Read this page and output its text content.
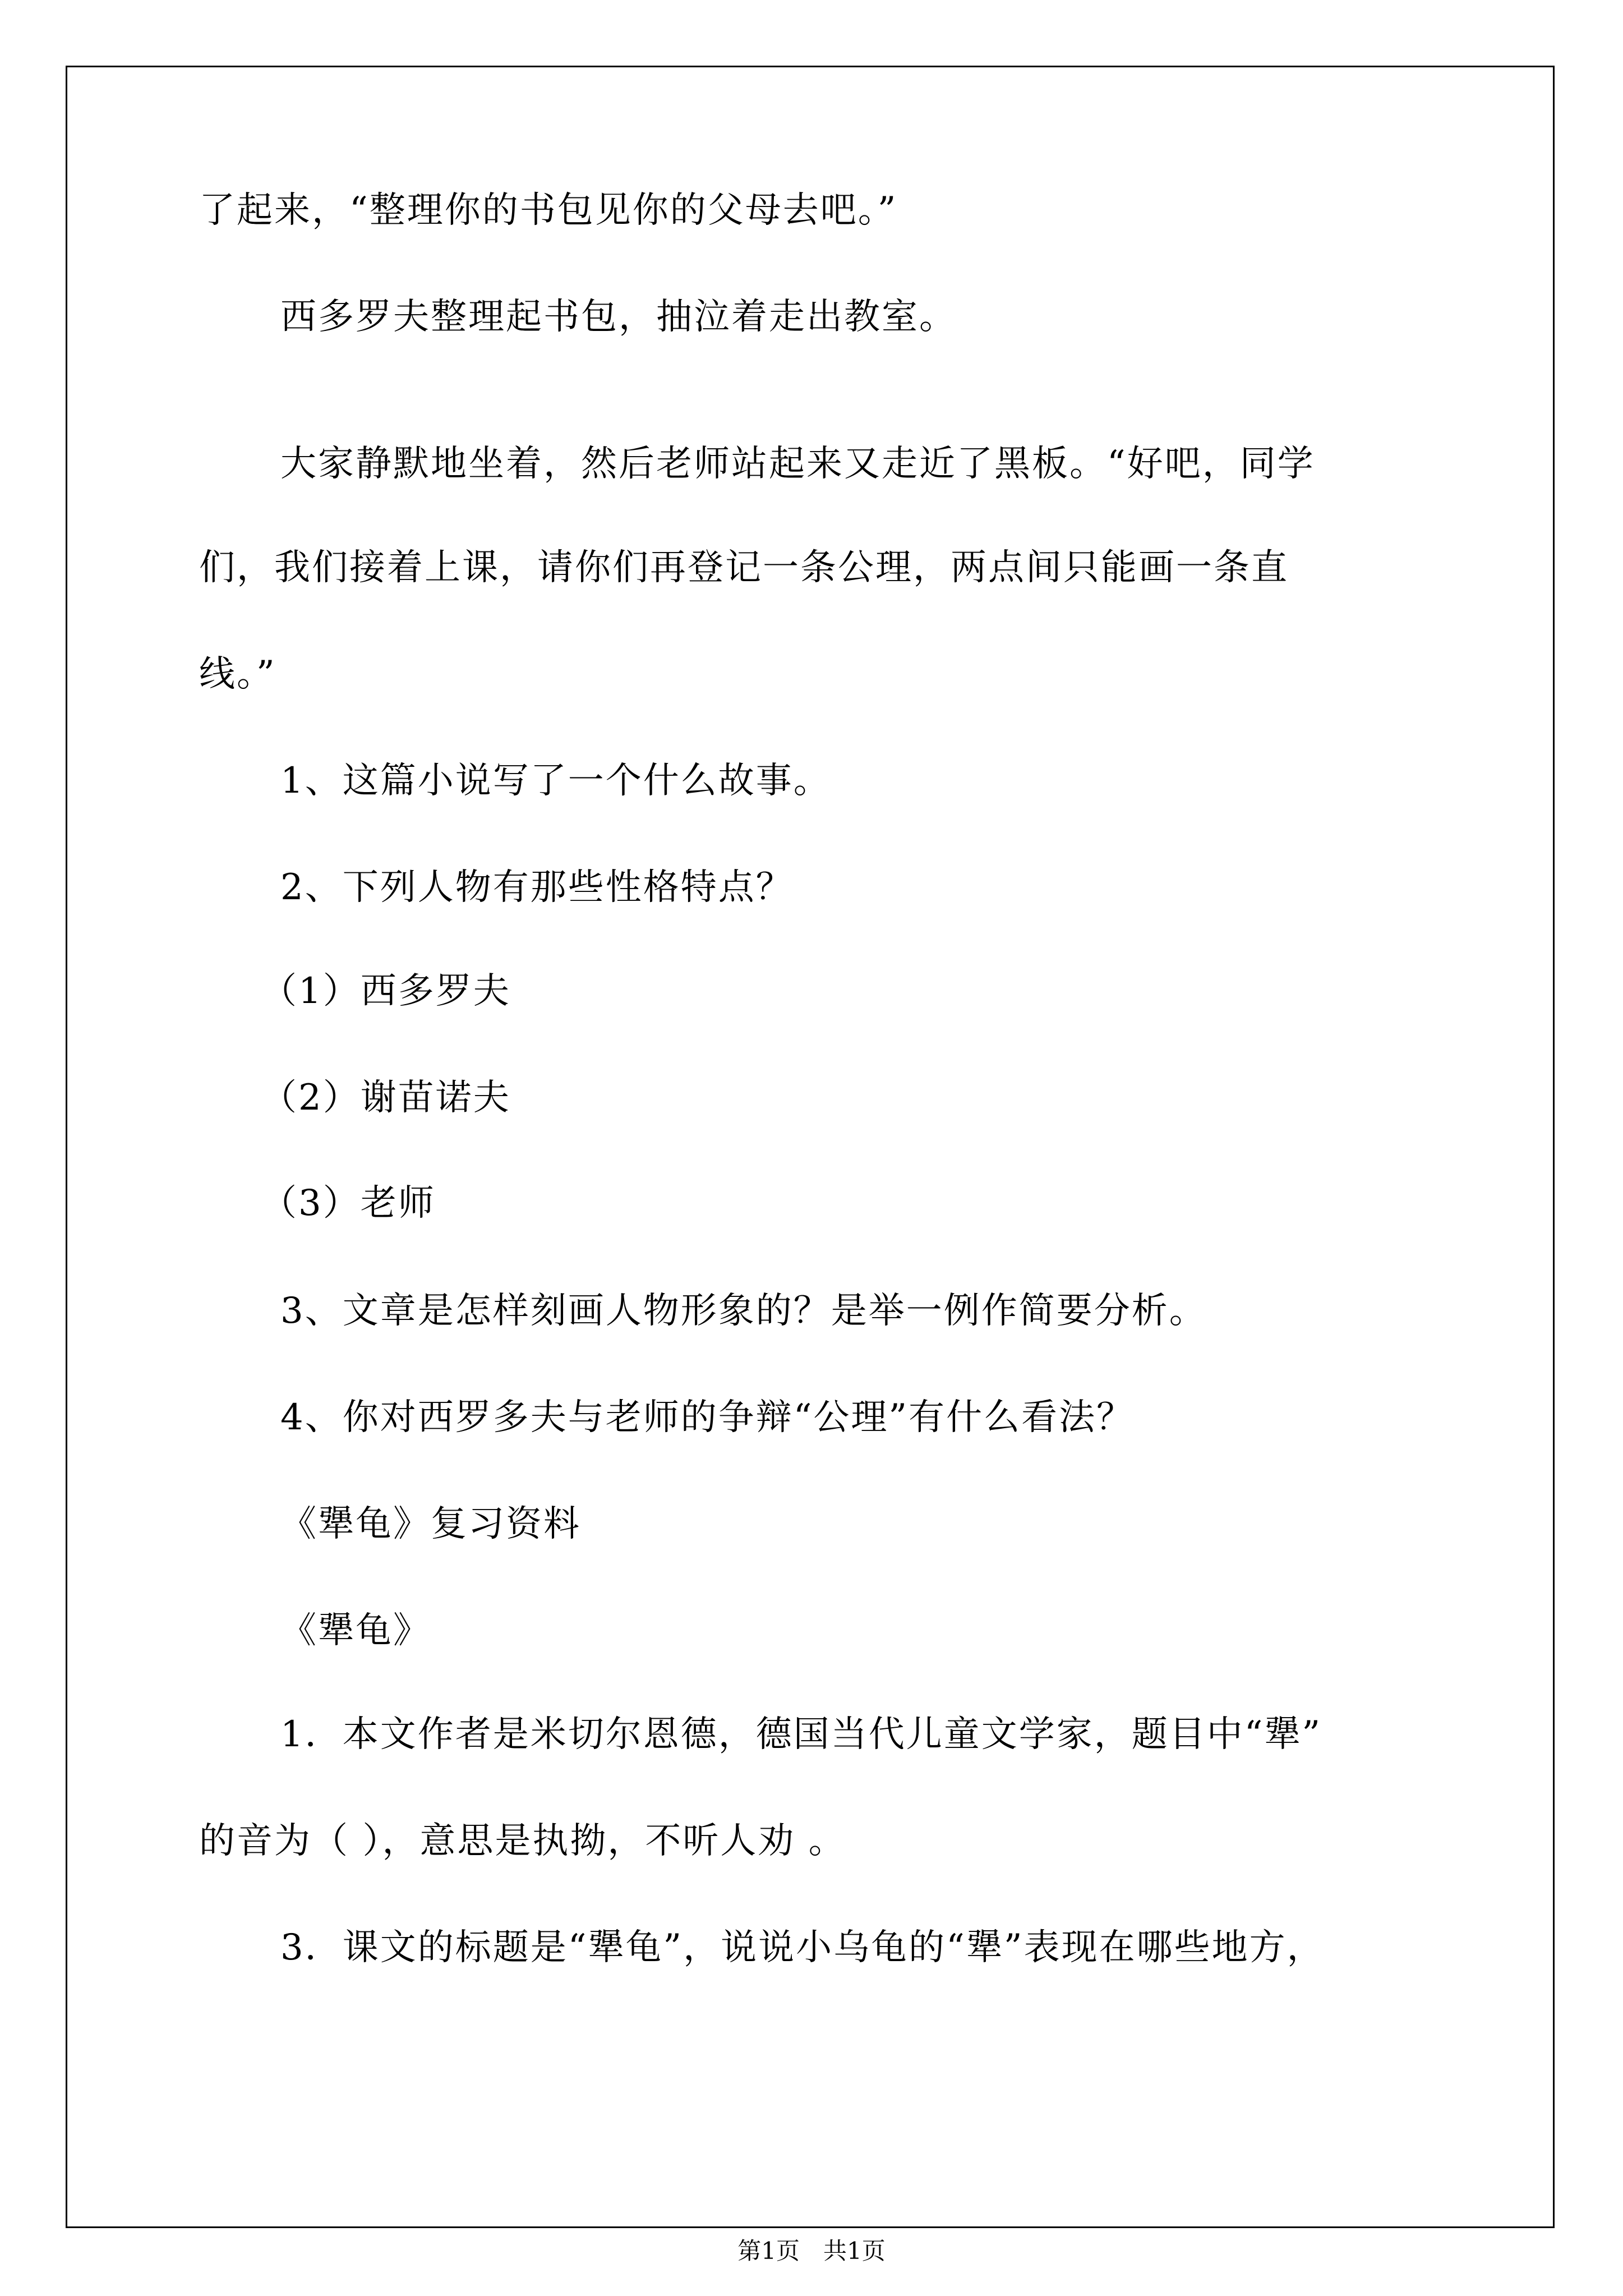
了起来，“整理你的书包见你的父母去吧。”
西多罗夫整理起书包，抽泣着走出教室。
大家静默地坐着，然后老师站起来又走近了黑板。“好吧，同学
们，我们接着上课，请你们再登记一条公理，两点间只能画一条直
线。”
1、这篇小说写了一个什么故事。
2、下列人物有那些性格特点？
（1）西多罗夫
（2）谢苗诺夫
（3）老师
3、文章是怎样刻画人物形象的？是举一例作简要分析。
4、你对西罗多夫与老师的争辩“公理”有什么看法？
《犟龟》复习资料
《犟龟》
1．本文作者是米切尔恩德，德国当代儿童文学家，题目中“犟”
的音为（ ），意思是执拗，不听人劝 。
3．课文的标题是“犟龟”，说说小乌龟的“犟”表现在哪些地方，
第1页　共1页
